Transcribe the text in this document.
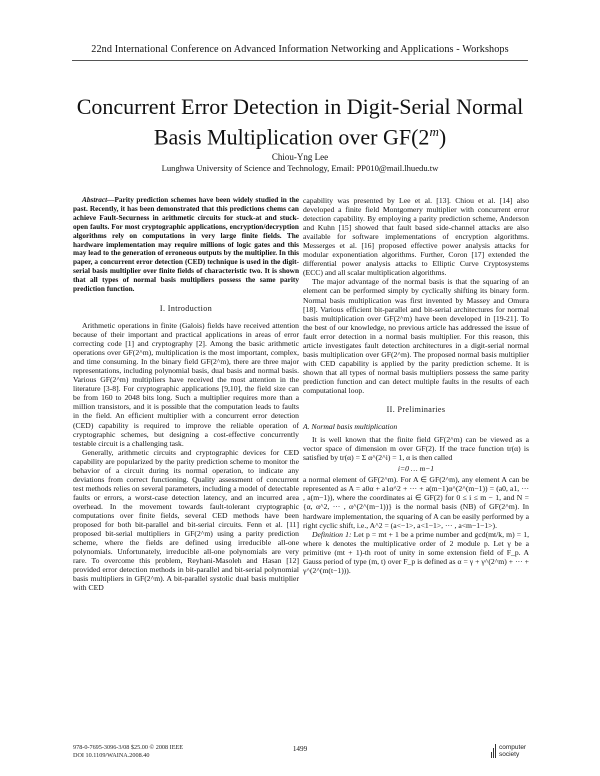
22nd International Conference on Advanced Information Networking and Applications - Workshops
Concurrent Error Detection in Digit-Serial Normal
Basis Multiplication over GF(2$^m$)
Chiou-Yng Lee
Lunghwa University of Science and Technology, Email: PP010@mail.lhuedu.tw

Abstract—Parity prediction schemes have been widely studied in the past. Recently, it has been demonstrated that this predictions chems can achieve Fault-Securness in arithmetic circuits for stuck-at and stuck-open faults. For most cryptographic applications, encryption/decryption algorithms rely on computations in very large finite fields. The hardware implementation may require millions of logic gates and this may lead to the generation of erroneous outputs by the multiplier. In this paper, a concurrent error detection (CED) technique is used in the digit-serial basis multiplier over finite fields of characteristic two. It is shown that all types of normal basis multipliers possess the same parity prediction function.

I. Introduction

Arithmetic operations in finite (Galois) fields have received attention because of their important and practical applications in areas of error correcting code [1] and cryptography [2]. Among the basic arithmetic operations over GF(2^m), multiplication is the most important, complex, and time consuming. In the binary field GF(2^m), there are three major representations, including polynomial basis, dual basis and normal basis. Various GF(2^m) multipliers have received the most attention in the literature [3-8]. For cryptographic applications [9,10], the field size can be from 160 to 2048 bits long. Such a multiplier requires more than a million transistors, and it is possible that the computation leads to faults in the field. An efficient multiplier with a concurrent error detection (CED) capability is required to improve the reliable operation of cryptographic schemes, but designing a cost-effective concurrently testable circuit is a challenging task.

Generally, arithmetic circuits and cryptographic devices for CED capability are popularized by the parity prediction scheme to monitor the behavior of a circuit during its normal operation, to indicate any deviations from correct functioning. Quality assessment of concurrent test methods relies on several parameters, including a model of detectable faults or errors, a worst-case detection latency, and an incurred area overhead. In the movement towards fault-tolerant cryptographic computations over finite fields, several CED methods have been proposed for both bit-parallel and bit-serial circuits. Fenn et al. [11] proposed bit-serial multipliers in GF(2^m) using a parity prediction scheme, where the fields are defined using irreducible all-one polynomials. Unfortunately, irreducible all-one polynomials are very rare. To overcome this problem, Reyhani-Masoleh and Hasan [12] provided error detection methods in bit-parallel and bit-serial polynomial basis multipliers in GF(2^m). A bit-parallel systolic dual basis multiplier with CED

capability was presented by Lee et al. [13]. Chiou et al. [14] also developed a finite field Montgomery multiplier with concurrent error detection capability. By employing a parity prediction scheme, Anderson and Kuhn [15] showed that fault based side-channel attacks are also available for software implementations of encryption algorithms. Messerges et al. [16] proposed effective power analysis attacks for modular exponentiation algorithms. Further, Coron [17] extended the differential power analysis attacks to Elliptic Curve Cryptosystems (ECC) and all scalar multiplication algorithms.

The major advantage of the normal basis is that the squaring of an element can be performed simply by cyclically shifting its binary form. Normal basis multiplication was first invented by Massey and Omura [18]. Various efficient bit-parallel and bit-serial architectures for normal basis multiplication over GF(2^m) have been developed in [19-21]. To the best of our knowledge, no previous article has addressed the issue of fault error detection in a normal basis multiplier. For this reason, this article investigates fault detection architectures in a digit-serial normal basis multiplication over GF(2^m). The proposed normal basis multiplier with CED capability is applied by the parity prediction scheme. It is shown that all types of normal basis multipliers possess the same parity prediction function and can detect multiple faults in the results of each computational loop.

II. Preliminaries
A. Normal basis multiplication

It is well known that the finite field GF(2^m) can be viewed as a vector space of dimension m over GF(2). If the trace function tr(α) is satisfied by tr(α) = Σ α^(2^i) = 1, α is then called

i=0 … m−1

a normal element of GF(2^m). For A ∈ GF(2^m), any element A can be represented as A = a0α + a1α^2 + ··· + a(m−1)α^(2^(m−1)) = (a0, a1, ··· , a(m−1)), where the coordinates ai ∈ GF(2) for 0 ≤ i ≤ m − 1, and N = {α, α^2, ··· , α^(2^(m−1))} is the normal basis (NB) of GF(2^m). In hardware implementation, the squaring of A can be easily performed by a right cyclic shift, i.e., A^2 = (a<−1>, a<1−1>, ··· , a<m−1−1>).

Definition 1: Let p = mt + 1 be a prime number and gcd(mt/k, m) = 1, where k denotes the multiplicative order of 2 module p. Let γ be a primitive (mt + 1)-th root of unity in some extension field of F_p. A Gauss period of type (m, t) over F_p is defined as α = γ + γ^(2^m) + ··· + γ^(2^(m(t−1))).

978-0-7695-3096-3/08 $25.00 © 2008 IEEE
DOI 10.1109/WAINA.2008.40
1499	computer
society
